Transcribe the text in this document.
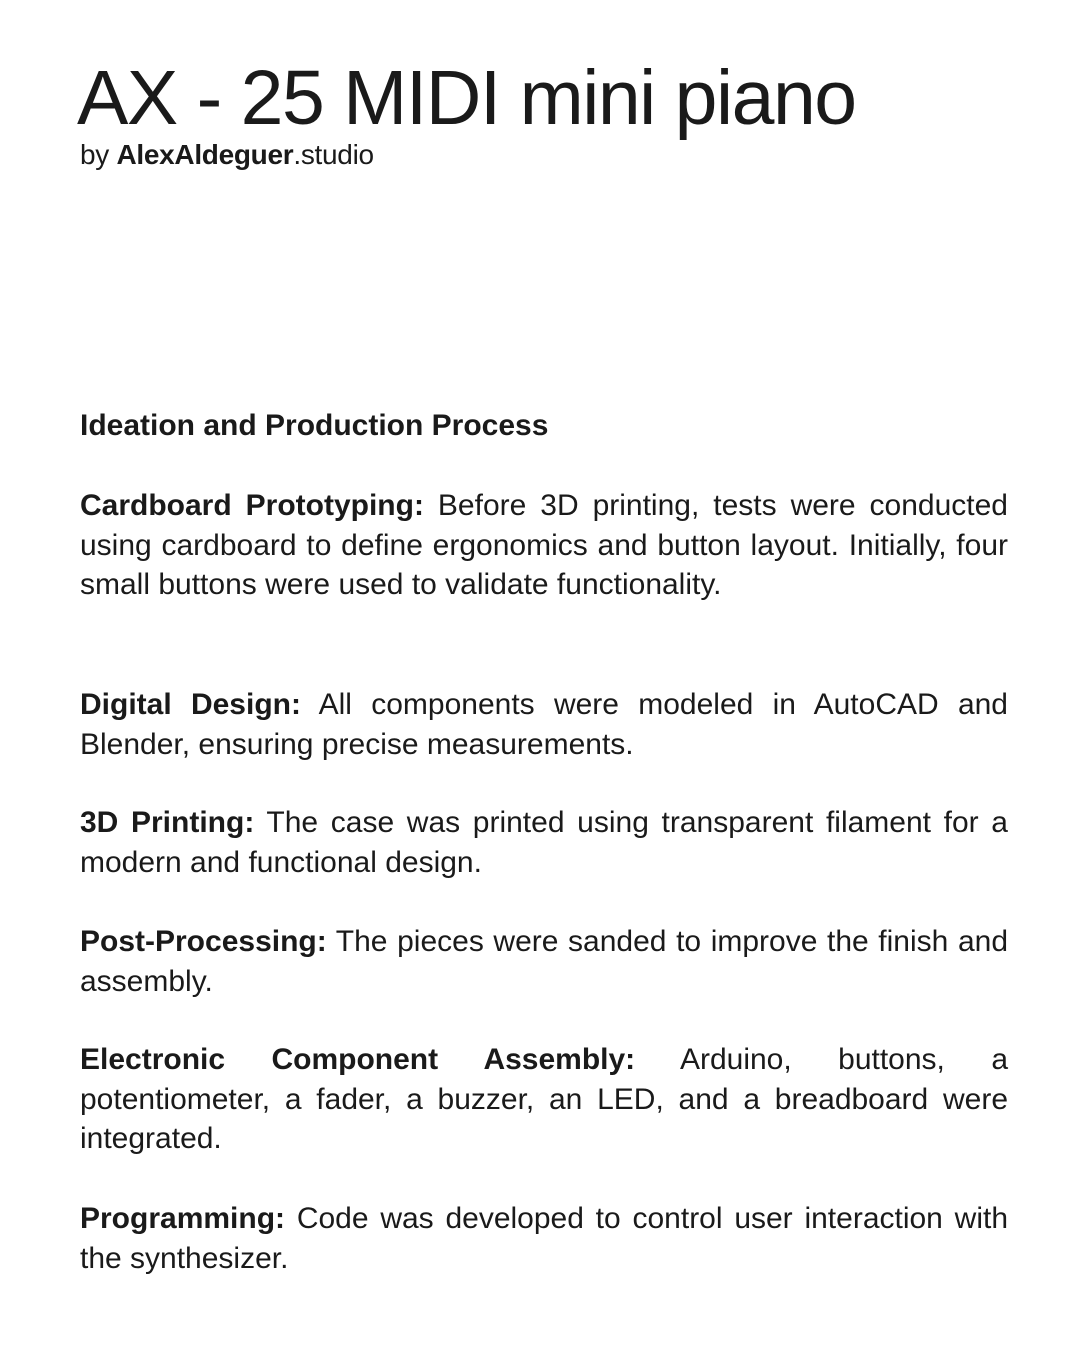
AX - 25 MIDI mini piano

by AlexAldeguer.studio

Ideation and Production Process

Cardboard Prototyping: Before 3D printing, tests were conducted using cardboard to define ergonomics and button layout. Initially, four small buttons were used to validate functionality.

Digital Design: All components were modeled in AutoCAD and Blender, ensuring precise measurements.

3D Printing: The case was printed using transparent filament for a modern and functional design.

Post-Processing: The pieces were sanded to improve the finish and assembly.

Electronic Component Assembly: Arduino, buttons, a potentiometer, a fader, a buzzer, an LED, and a breadboard were integrated.

Programming: Code was developed to control user interaction with the synthesizer.
